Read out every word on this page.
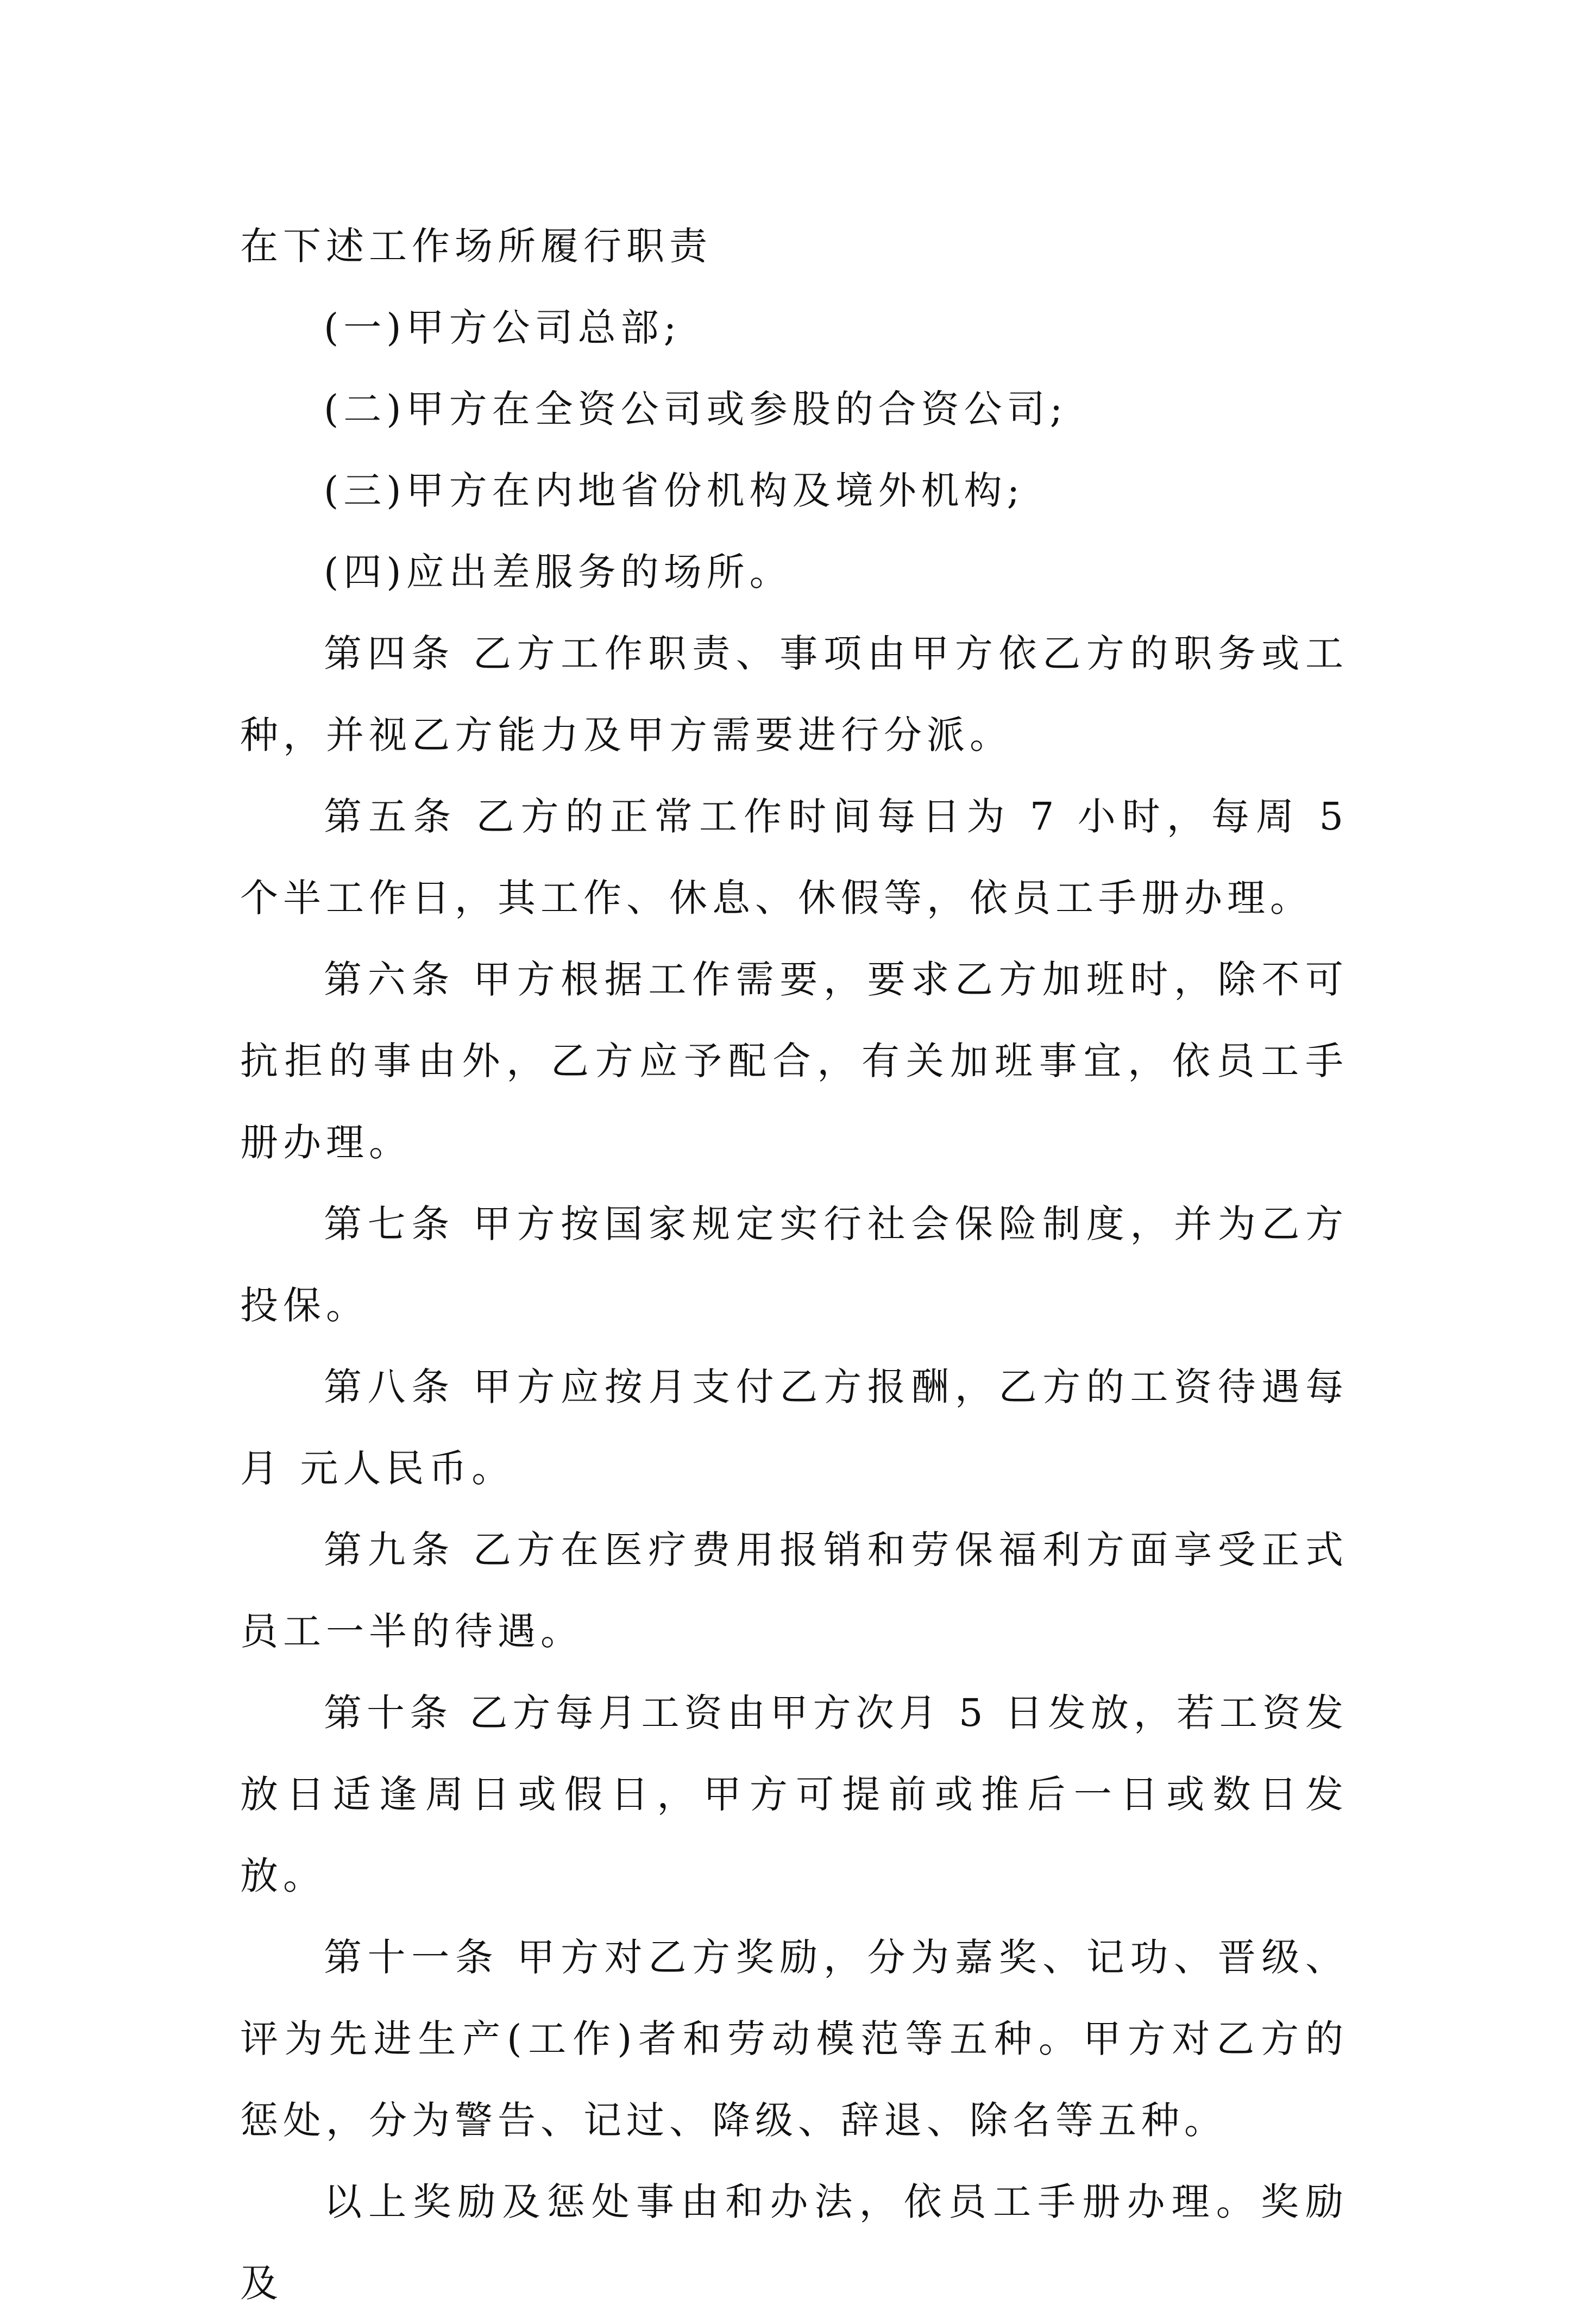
在下述工作场所履行职责

(一)甲方公司总部;

(二)甲方在全资公司或参股的合资公司;

(三)甲方在内地省份机构及境外机构;

(四)应出差服务的场所。

第四条 乙方工作职责、事项由甲方依乙方的职务或工种，并视乙方能力及甲方需要进行分派。

第五条 乙方的正常工作时间每日为 7 小时，每周 5 个半工作日，其工作、休息、休假等，依员工手册办理。

第六条 甲方根据工作需要，要求乙方加班时，除不可抗拒的事由外，乙方应予配合，有关加班事宜，依员工手册办理。

第七条 甲方按国家规定实行社会保险制度，并为乙方投保。

第八条 甲方应按月支付乙方报酬，乙方的工资待遇每月 元人民币。

第九条 乙方在医疗费用报销和劳保福利方面享受正式员工一半的待遇。

第十条 乙方每月工资由甲方次月 5 日发放，若工资发放日适逢周日或假日，甲方可提前或推后一日或数日发放。

第十一条 甲方对乙方奖励，分为嘉奖、记功、晋级、评为先进生产(工作)者和劳动模范等五种。甲方对乙方的惩处，分为警告、记过、降级、辞退、除名等五种。

以上奖励及惩处事由和办法，依员工手册办理。奖励及
